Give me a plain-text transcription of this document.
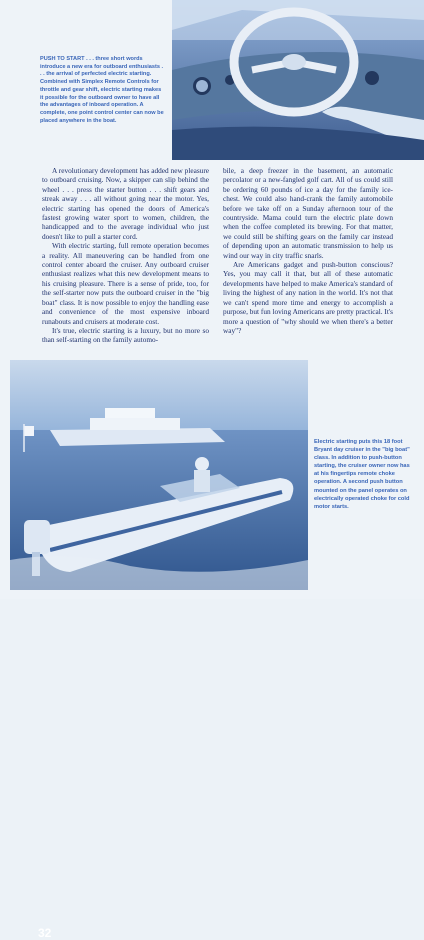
PUSH TO START . . . three short words introduce a new era for outboard enthusiasts . . . the arrival of perfected electric starting. Combined with Simplex Remote Controls for throttle and gear shift, electric starting makes it possible for the outboard owner to have all the advantages of inboard operation. A complete, one point control center can now be placed anywhere in the boat.

A revolutionary development has added new pleasure to outboard cruising. Now, a skipper can slip behind the wheel . . . press the starter button . . . shift gears and streak away . . . all without going near the motor. Yes, electric starting has opened the doors of America's fastest growing water sport to women, children, the handicapped and to the average individual who just doesn't like to pull a starter cord.

With electric starting, full remote operation becomes a reality. All maneuvering can be handled from one control center aboard the cruiser. Any outboard cruiser enthusiast realizes what this new development means to his cruising pleasure. There is a sense of pride, too, for the self-starter now puts the outboard cruiser in the "big boat" class. It is now possible to enjoy the handling ease and convenience of the most expensive inboard runabouts and cruisers at moderate cost.

It's true, electric starting is a luxury, but no more so than self-starting on the family automo-

bile, a deep freezer in the basement, an automatic percolator or a new-fangled golf cart. All of us could still be ordering 60 pounds of ice a day for the family ice-chest. We could also hand-crank the family automobile before we take off on a Sunday afternoon tour of the countryside. Mama could turn the electric plate down when the coffee completed its brewing. For that matter, we could still be shifting gears on the family car instead of depending upon an automatic transmission to help us wind our way in city traffic snarls.

Are Americans gadget and push-button conscious? Yes, you may call it that, but all of these automatic developments have helped to make America's standard of living the highest of any nation in the world. It's not that we can't spend more time and energy to accomplish a purpose, but fun loving Americans are pretty practical. It's more a question of "why should we when there's a better way"?

32
Electric starting puts this 18 foot Bryant day cruiser in the "big boat" class. In addition to push-button starting, the cruiser owner now has at his fingertips remote choke operation. A second push button mounted on the panel operates on electrically operated choke for cold motor starts.
